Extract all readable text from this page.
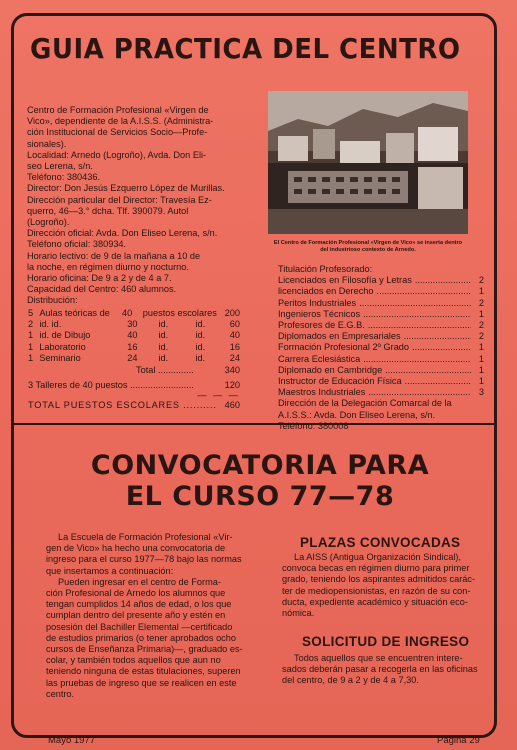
GUIA PRACTICA DEL CENTRO
Centro de Formación Profesional «Virgen de
Vico», dependiente de la A.I.S.S. (Administra-
ción Institucional de Servicios Socio—Profe-
sionales).
Localidad: Arnedo (Logroño), Avda. Don Eli-
seo Lerena, s/n.
Teléfono: 380436.
Director: Don Jesús Ezquerro López de Murillas.
Dirección particular del Director: Travesía Ez-
querro, 46—3.° dcha. Tlf. 390079. Autol
(Logroño).
Dirección oficial: Avda. Don Eliseo Lerena, s/n.
Teléfono oficial: 380934.
Horario lectivo: de 9 de la mañana a 10 de
la noche, en régimen diurno y nocturno.
Horario oficina: De 9 a 2 y de 4 a 7.
Capacidad del Centro: 460 alumnos.
Distribución:
El Centro de Formación Profesional «Virgen de Vico» se inserta dentro del industrioso contexto de Arnedo.
Titulación Profesorado:
Licenciados en Filosofía y Letras .....	2
licenciados en Derecho .....	1
Peritos Industriales .....	2
Ingenieros Técnicos .....	1
Profesores de E.G.B. .....	2
Diplomados en Empresariales .....	2
Formación Profesional 2º Grado .....	1
Carrera Eclesiástica .....	1
Diplomado en Cambridge .....	1
Instructor de Educación Física .....	1
Maestros Industriales .....	3
Dirección de la Delegación Comarcal de la
A.I.S.S.: Avda. Don Eliseo Lerena, s/n.
Teléfono: 380008
5	Aulas teóricas de	40	puestos escolares		200
2	id. id.	30	id.	id.	60
1	id. de Dibujo	40	id.	id.	40
1	Laboratorio	16	id.	id.	16
1	Seminario	24	id.	id.	24
Total ..............	340
3 Talleres de 40 puestos .........................	120
— — —
TOTAL PUESTOS ESCOLARES .......... 460
CONVOCATORIA PARA
EL CURSO 77—78
La Escuela de Formación Profesional «Vir-
gen de Vico» ha hecho una convocatoria de
ingreso para el curso 1977—78 bajo las normas
que insertamos a continuación:
Pueden ingresar en el centro de Forma-
ción Profesional de Arnedo los alumnos que
tengan cumplidos 14 años de edad, o los que
cumplan dentro del presente año y estén en
posesión del Bachiller Elemental —certificado
de estudios primarios (o tener aprobados ocho
cursos de Enseñanza Primaria)—, graduado es-
colar, y también todos aquellos que aun no
teniendo ninguna de estas titulaciones, superen
las pruebas de ingreso que se realicen en este
centro.
PLAZAS CONVOCADAS
La AISS (Antigua Organización Sindical),
convoca becas en régimen diurno para primer
grado, teniendo los aspirantes admitidos carác-
ter de mediopensionistas, en razón de su con-
ducta, expediente académico y situación eco-
nómica.
SOLICITUD DE INGRESO
Todos aquellos que se encuentren intere-
sados deberán pasar a recogerla en las oficinas
del centro, de 9 a 2 y de 4 a 7,30.
Mayo 1977	Página 29
